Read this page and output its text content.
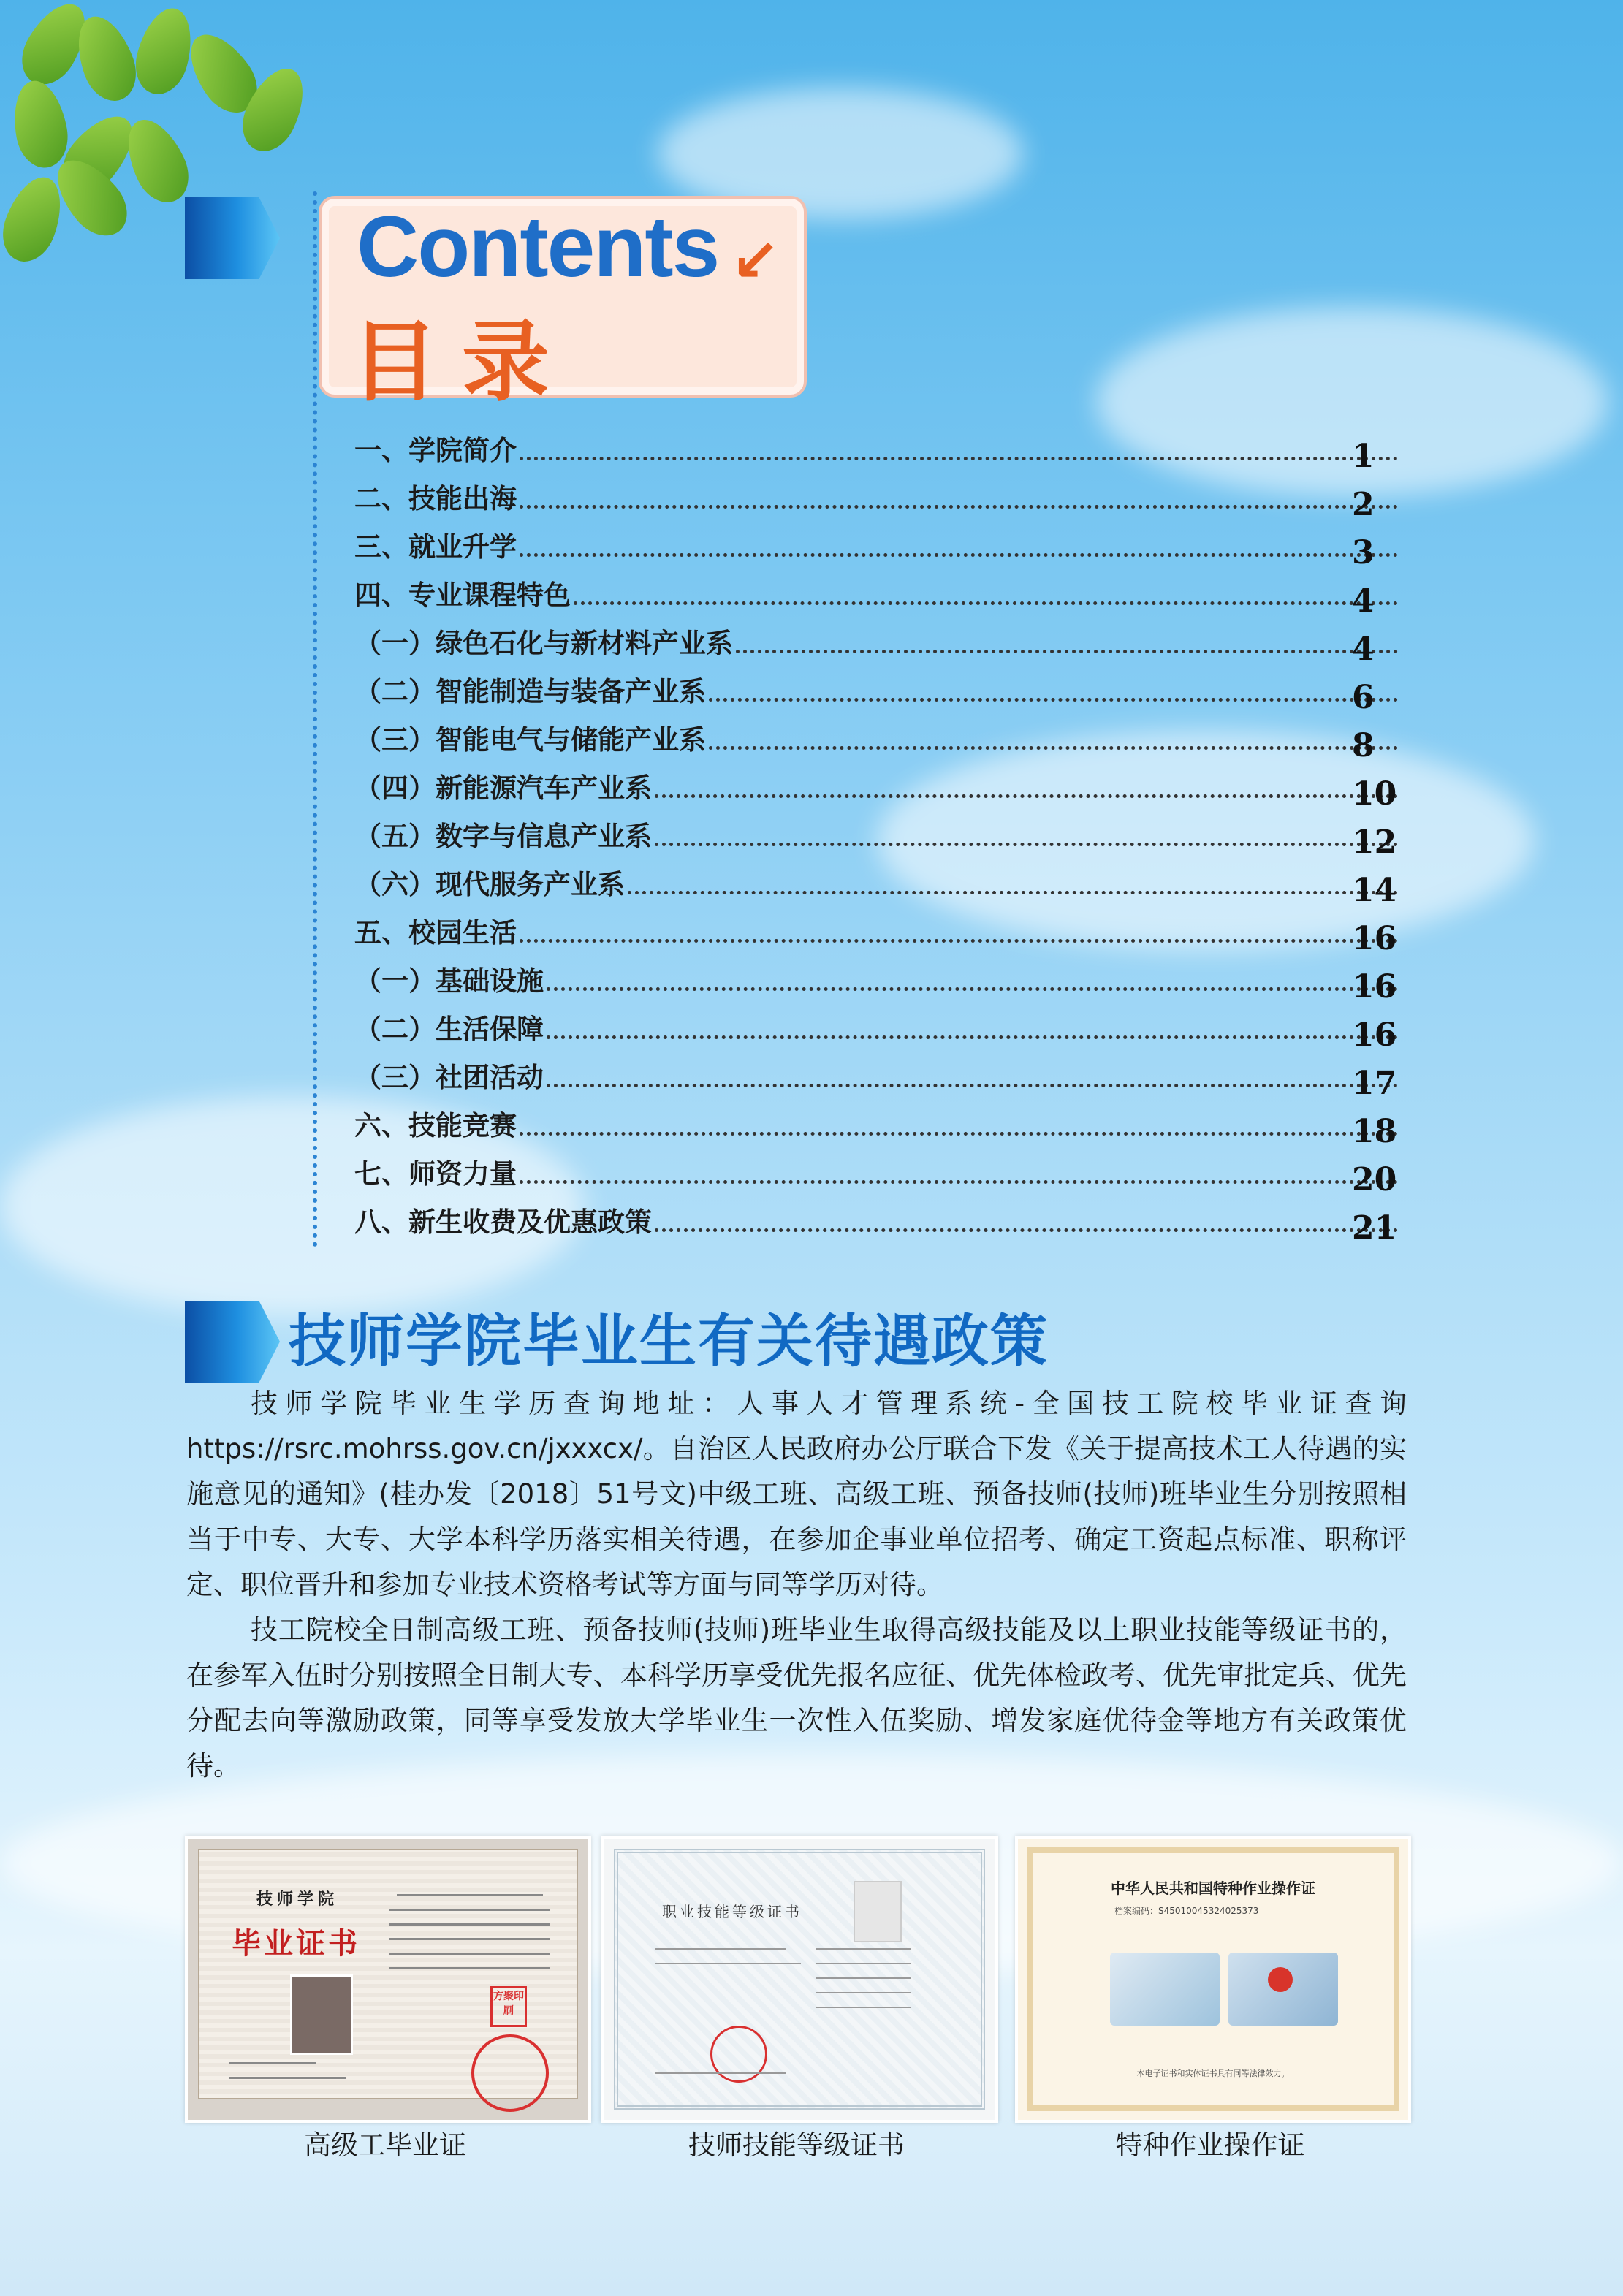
Contents ↙
目录
一、学院简介	1
二、技能出海	2
三、就业升学	3
四、专业课程特色	4
（一）绿色石化与新材料产业系	4
（二）智能制造与装备产业系	6
（三）智能电气与储能产业系	8
（四）新能源汽车产业系	10
（五）数字与信息产业系	12
（六）现代服务产业系	14
五、校园生活	16
（一）基础设施	16
（二）生活保障	16
（三）社团活动	17
六、技能竞赛	18
七、师资力量	20
八、新生收费及优惠政策	21
技师学院毕业生有关待遇政策

技师学院毕业生学历查询地址：人事人才管理系统-全国技工院校毕业证查询 https://rsrc.mohrss.gov.cn/jxxxcx/。自治区人民政府办公厅联合下发《关于提高技术工人待遇的实施意见的通知》(桂办发〔2018〕51号文)中级工班、高级工班、预备技师(技师)班毕业生分别按照相当于中专、大专、大学本科学历落实相关待遇，在参加企事业单位招考、确定工资起点标准、职称评定、职位晋升和参加专业技术资格考试等方面与同等学历对待。

技工院校全日制高级工班、预备技师(技师)班毕业生取得高级技能及以上职业技能等级证书的，在参军入伍时分别按照全日制大专、本科学历享受优先报名应征、优先体检政考、优先审批定兵、优先分配去向等激励政策，同等享受发放大学毕业生一次性入伍奖励、增发家庭优待金等地方有关政策优待。

技师学院
毕业证书
方聚印刷
高级工毕业证
职业技能等级证书
技师技能等级证书
中华人民共和国特种作业操作证
档案编码：S45010045324025373
本电子证书和实体证书具有同等法律效力。
特种作业操作证
